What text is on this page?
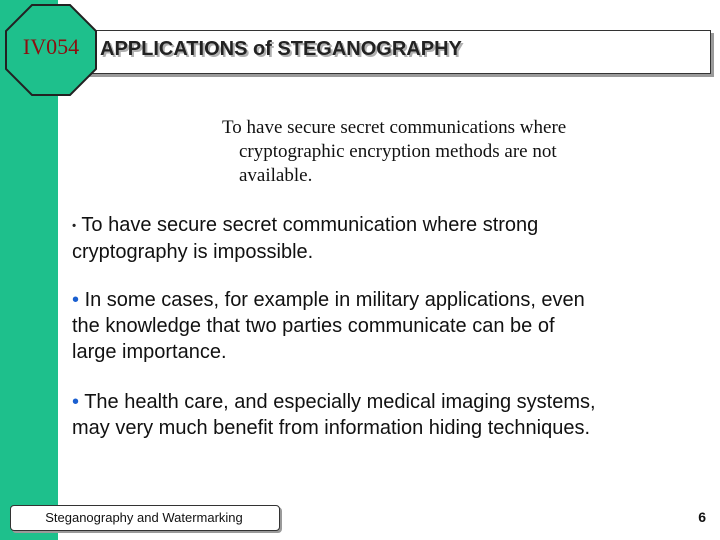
APPLICATIONS of STEGANOGRAPHY
IV054
To have secure secret communications where
cryptographic encryption methods are not
available.
• To have secure secret communication where strong
cryptography is impossible.
• In some cases, for example in military applications, even
the knowledge that two parties communicate can be of
large importance.
• The health care, and especially medical imaging systems,
may very much benefit from information hiding techniques.
Steganography and Watermarking	6
